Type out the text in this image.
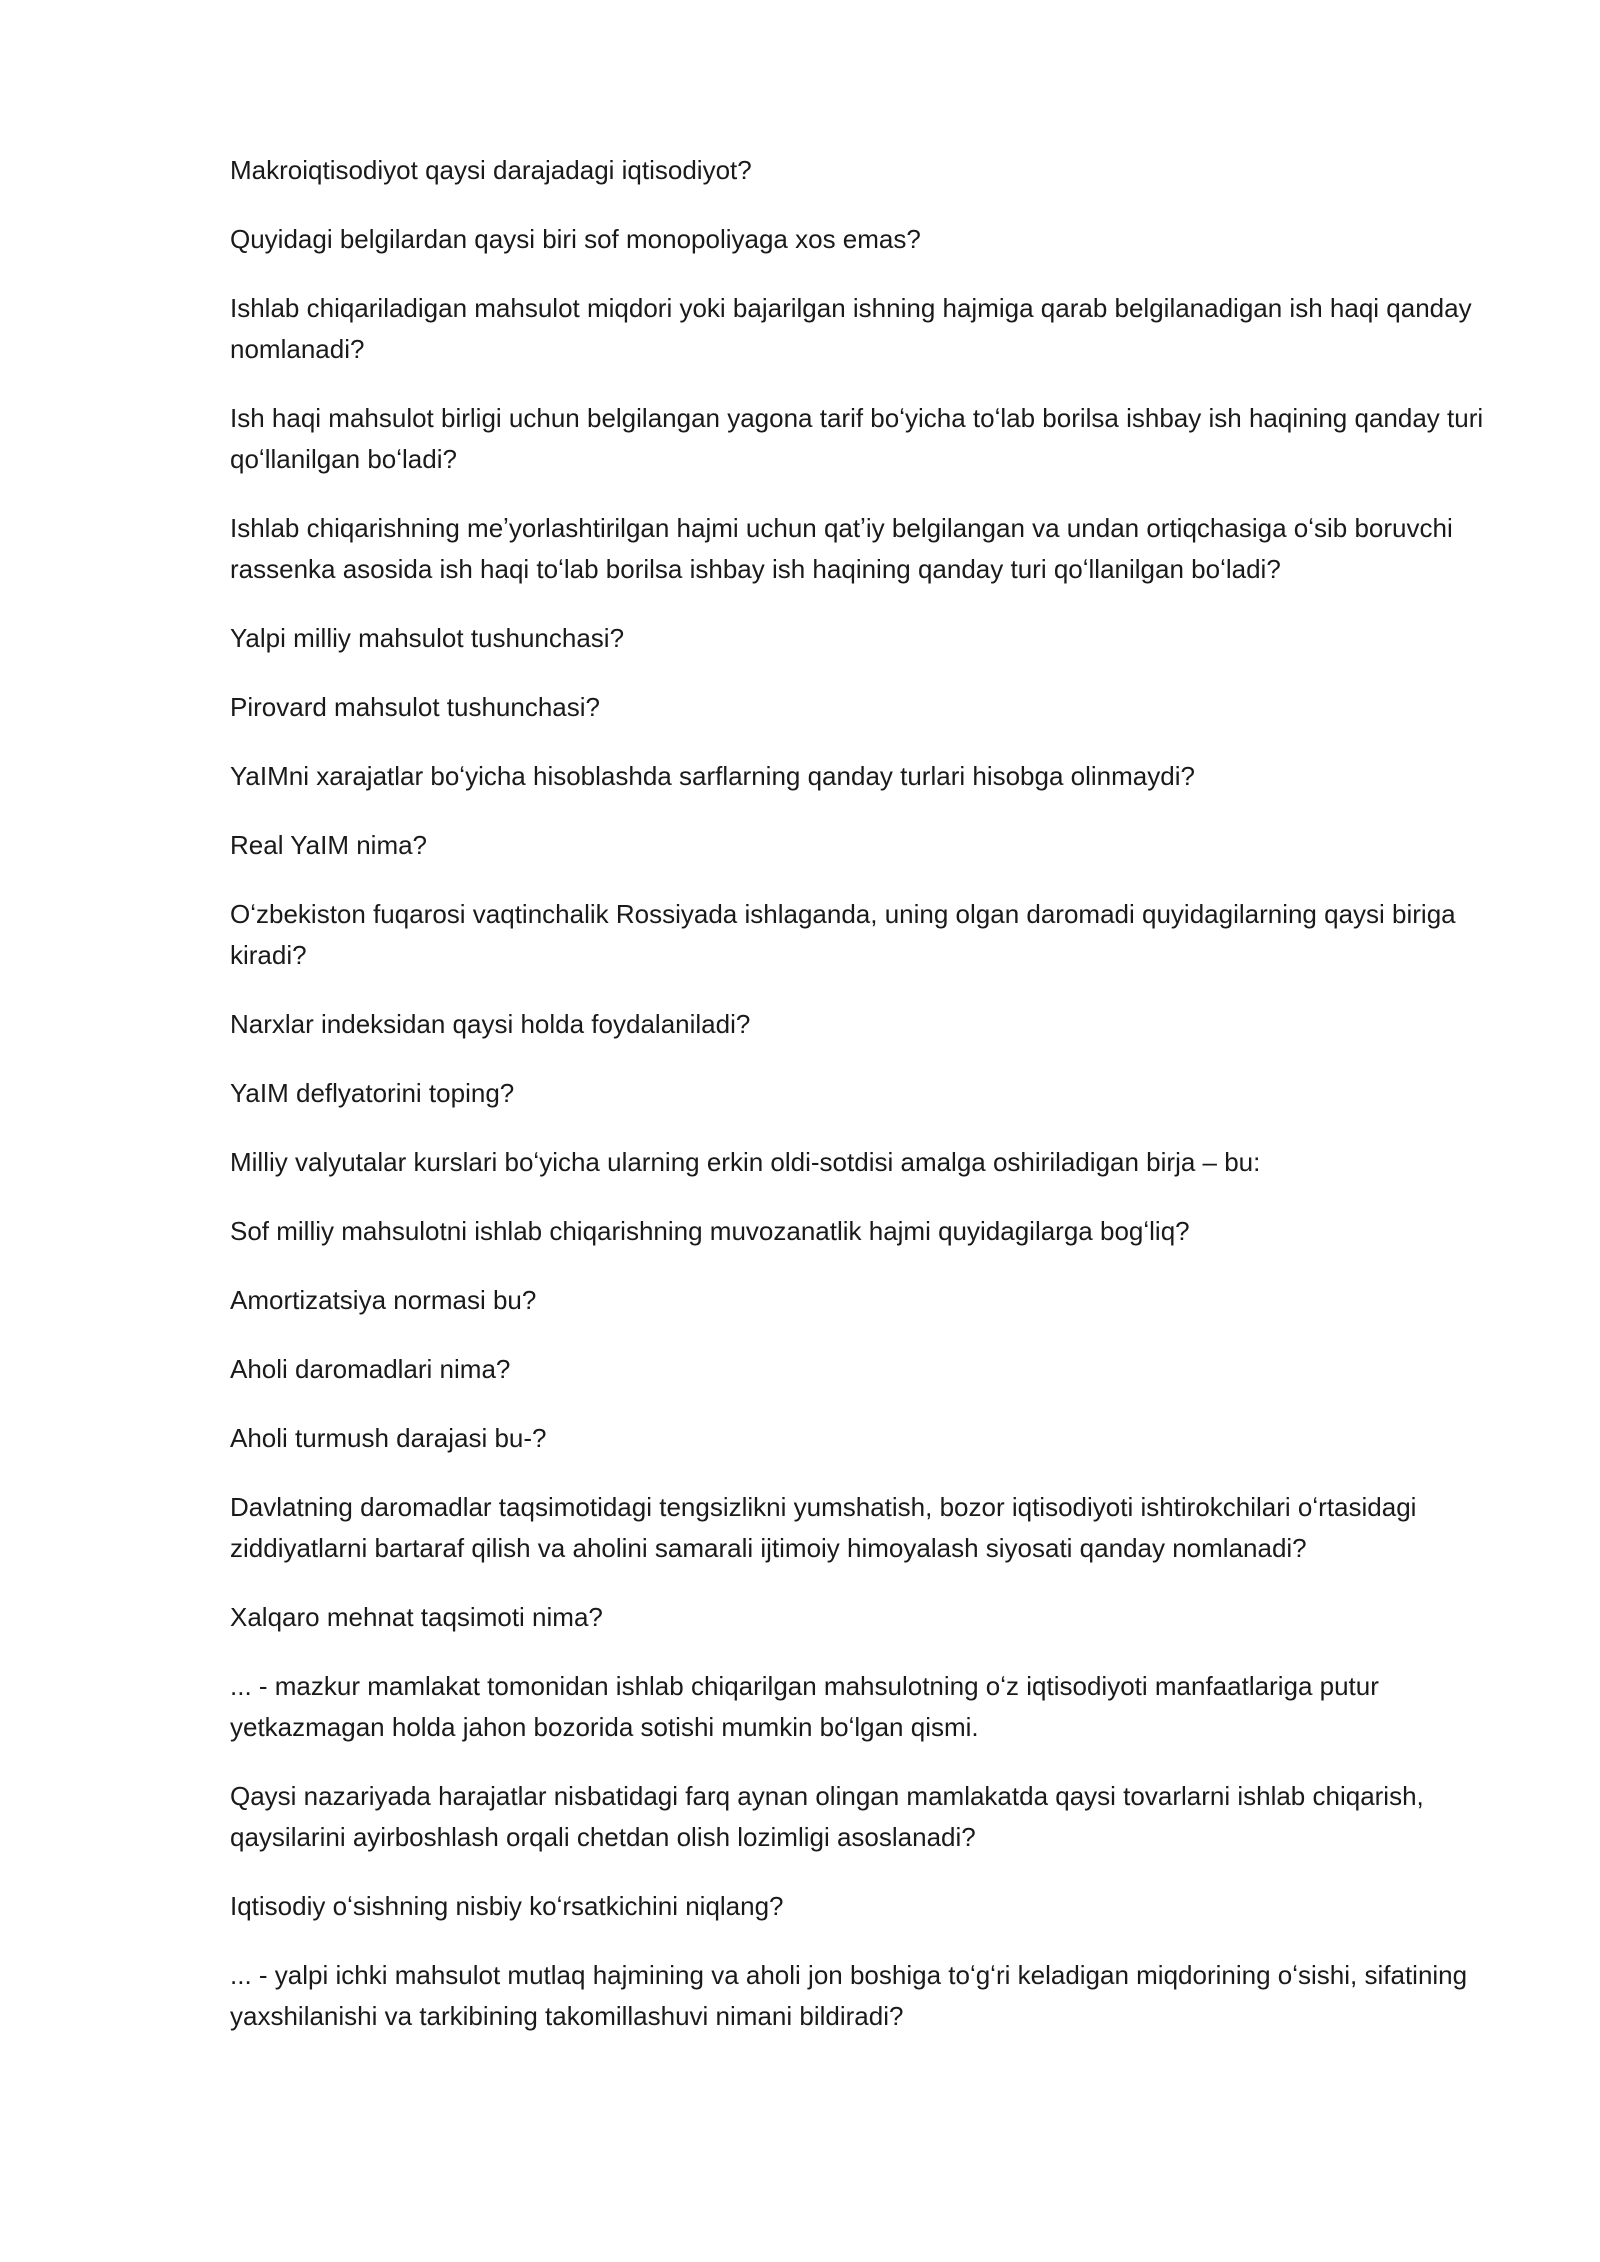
Makroiqtisodiyot qaysi darajadagi iqtisodiyot?

Quyidagi belgilardan qaysi biri sof monopoliyaga xos emas?

Ishlab chiqariladigan mahsulot miqdori yoki bajarilgan ishning hajmiga qarab belgilanadigan ish haqi qanday nomlanadi?

Ish haqi mahsulot birligi uchun belgilangan yagona tarif boʻyicha toʻlab borilsa ishbay ish haqining qanday turi qoʻllanilgan boʻladi?

Ishlab chiqarishning meʼyorlashtirilgan hajmi uchun qatʼiy belgilangan va undan ortiqchasiga oʻsib boruvchi rassenka asosida ish haqi toʻlab borilsa ishbay ish haqining qanday turi qoʻllanilgan boʻladi?

Yalpi milliy mahsulot tushunchasi?

Pirovard mahsulot tushunchasi?

YaIMni xarajatlar boʻyicha hisoblashda sarflarning qanday turlari hisobga olinmaydi?

Real YaIM nima?

Oʻzbekiston fuqarosi vaqtinchalik Rossiyada ishlaganda, uning olgan daromadi quyidagilarning qaysi biriga kiradi?

Narxlar indeksidan qaysi holda foydalaniladi?

YaIM deflyatorini toping?

Milliy valyutalar kurslari boʻyicha ularning erkin oldi-sotdisi amalga oshiriladigan birja – bu:

Sof milliy mahsulotni ishlab chiqarishning muvozanatlik hajmi quyidagilarga bogʻliq?

Amortizatsiya normasi bu?

Aholi daromadlari nima?

Aholi turmush darajasi bu-?

Davlatning daromadlar taqsimotidagi tengsizlikni yumshatish, bozor iqtisodiyoti ishtirokchilari oʻrtasidagi ziddiyatlarni bartaraf qilish va aholini samarali ijtimoiy himoyalash siyosati qanday nomlanadi?

Xalqaro mehnat taqsimoti nima?

... - mazkur mamlakat tomonidan ishlab chiqarilgan mahsulotning oʻz iqtisodiyoti manfaatlariga putur yetkazmagan holda jahon bozorida sotishi mumkin boʻlgan qismi.

Qaysi nazariyada harajatlar nisbatidagi farq aynan olingan mamlakatda qaysi tovarlarni ishlab chiqarish, qaysilarini ayirboshlash orqali chetdan olish lozimligi asoslanadi?

Iqtisodiy oʻsishning nisbiy koʻrsatkichini niqlang?

... - yalpi ichki mahsulot mutlaq hajmining va aholi jon boshiga toʻgʻri keladigan miqdorining oʻsishi, sifatining yaxshilanishi va tarkibining takomillashuvi nimani bildiradi?
